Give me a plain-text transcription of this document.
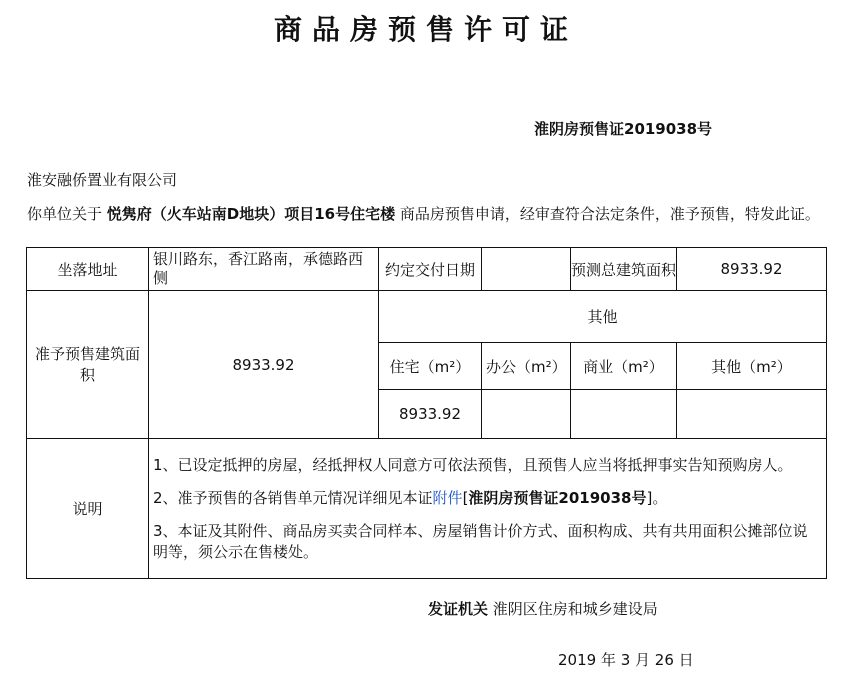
商品房预售许可证
淮阴房预售证2019038号
淮安融侨置业有限公司
你单位关于 悦隽府（火车站南D地块）项目16号住宅楼 商品房预售申请，经审查符合法定条件，准予预售，特发此证。
坐落地址	银川路东，香江路南，承德路西侧	约定交付日期		预测总建筑面积	8933.92
准予预售建筑面积	8933.92	其他			
		住宅（m²）	办公（m²）	商业（m²）	其他（m²）
		8933.92			
说明	1、已设定抵押的房屋，经抵押权人同意方可依法预售，且预售人应当将抵押事实告知预购房人。

2、准予预售的各销售单元情况详细见本证附件[淮阴房预售证2019038号]。

3、本证及其附件、商品房买卖合同样本、房屋销售计价方式、面积构成、共有共用面积公摊部位说明等，须公示在售楼处。				

发证机关 淮阴区住房和城乡建设局
2019 年 3 月 26 日
